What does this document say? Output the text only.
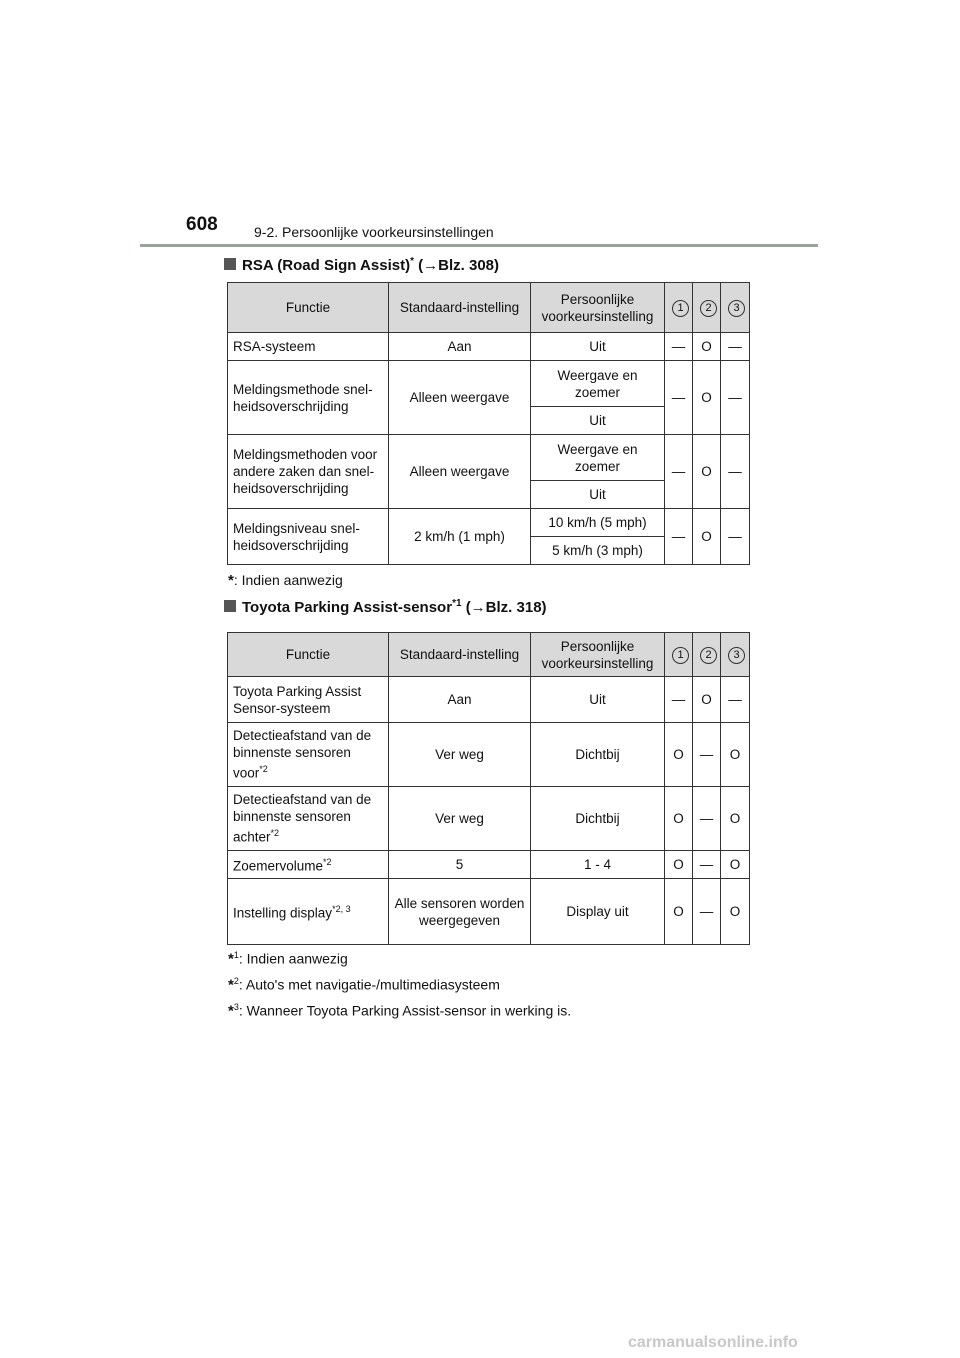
608	9-2. Persoonlijke voorkeursinstellingen
RSA (Road Sign Assist)* (→Blz. 308)
Functie	Standaard-instelling	Persoonlijke voorkeursinstelling	1	2	3
RSA-systeem	Aan	Uit	—	O	—
Meldingsmethode snel-heidsoverschrijding	Alleen weergave	Weergave en zoemer	—	O	—
		Uit			
Meldingsmethoden voor andere zaken dan snel-heidsoverschrijding	Alleen weergave	Weergave en zoemer	—	O	—
		Uit			
Meldingsniveau snel-heidsoverschrijding	2 km/h (1 mph)	10 km/h (5 mph)	—	O	—
		5 km/h (3 mph)			
*: Indien aanwezig
Toyota Parking Assist-sensor$^{*1}$ (→Blz. 318)
Functie	Standaard-instelling	Persoonlijke voorkeursinstelling	1	2	3
Toyota Parking Assist Sensor-systeem	Aan	Uit	—	O	—
Detectieafstand van de binnenste sensoren voor$^{*2}$	Ver weg	Dichtbij	O	—	O
Detectieafstand van de binnenste sensoren achter$^{*2}$	Ver weg	Dichtbij	O	—	O
Zoemervolume$^{*2}$	5	1 - 4	O	—	O
Instelling display$^{*2, 3}$	Alle sensoren worden weergegeven	Display uit	O	—	O
*$^1$: Indien aanwezig
*$^2$: Auto's met navigatie-/multimediasysteem
*$^3$: Wanneer Toyota Parking Assist-sensor in werking is.
carmanualsonline.info
